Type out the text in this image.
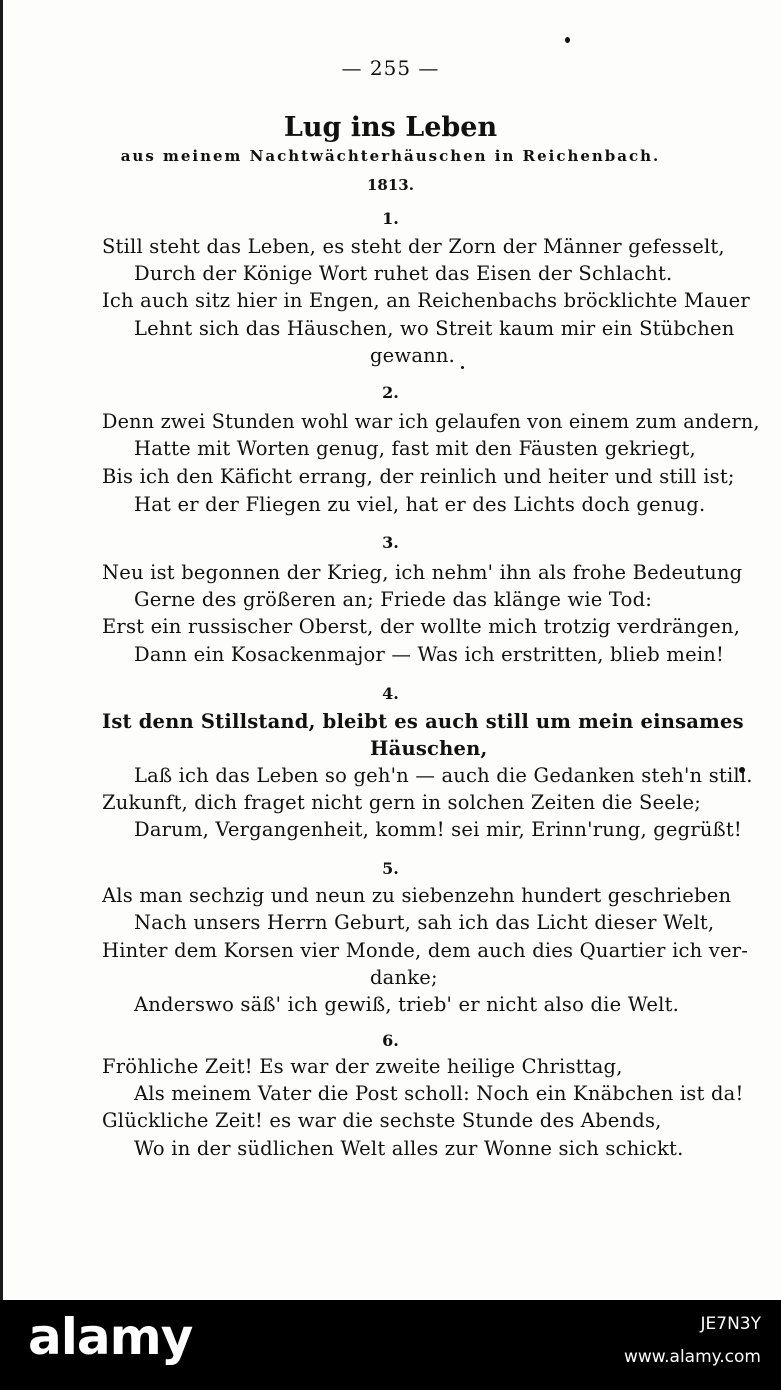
— 255 —
Lug ins Leben
aus meinem Nachtwächterhäuschen in Reichenbach.
1813.
1.
Still steht das Leben, es steht der Zorn der Männer gefesselt,
Durch der Könige Wort ruhet das Eisen der Schlacht.
Ich auch sitz hier in Engen, an Reichenbachs bröcklichte Mauer
Lehnt sich das Häuschen, wo Streit kaum mir ein Stübchen
gewann.
2.
Denn zwei Stunden wohl war ich gelaufen von einem zum andern,
Hatte mit Worten genug, fast mit den Fäusten gekriegt,
Bis ich den Käficht errang, der reinlich und heiter und still ist;
Hat er der Fliegen zu viel, hat er des Lichts doch genug.
3.
Neu ist begonnen der Krieg, ich nehm' ihn als frohe Bedeutung
Gerne des größeren an; Friede das klänge wie Tod:
Erst ein russischer Oberst, der wollte mich trotzig verdrängen,
Dann ein Kosackenmajor — Was ich erstritten, blieb mein!
4.
Ist denn Stillstand, bleibt es auch still um mein einsames
Häuschen,
Laß ich das Leben so geh'n — auch die Gedanken steh'n still.
Zukunft, dich fraget nicht gern in solchen Zeiten die Seele;
Darum, Vergangenheit, komm! sei mir, Erinn'rung, gegrüßt!
5.
Als man sechzig und neun zu siebenzehn hundert geschrieben
Nach unsers Herrn Geburt, sah ich das Licht dieser Welt,
Hinter dem Korsen vier Monde, dem auch dies Quartier ich ver-
danke;
Anderswo säß' ich gewiß, trieb' er nicht also die Welt.
6.
Fröhliche Zeit! Es war der zweite heilige Christtag,
Als meinem Vater die Post scholl: Noch ein Knäbchen ist da!
Glückliche Zeit! es war die sechste Stunde des Abends,
Wo in der südlichen Welt alles zur Wonne sich schickt.
alamy	JE7N3Y
www.alamy.com
